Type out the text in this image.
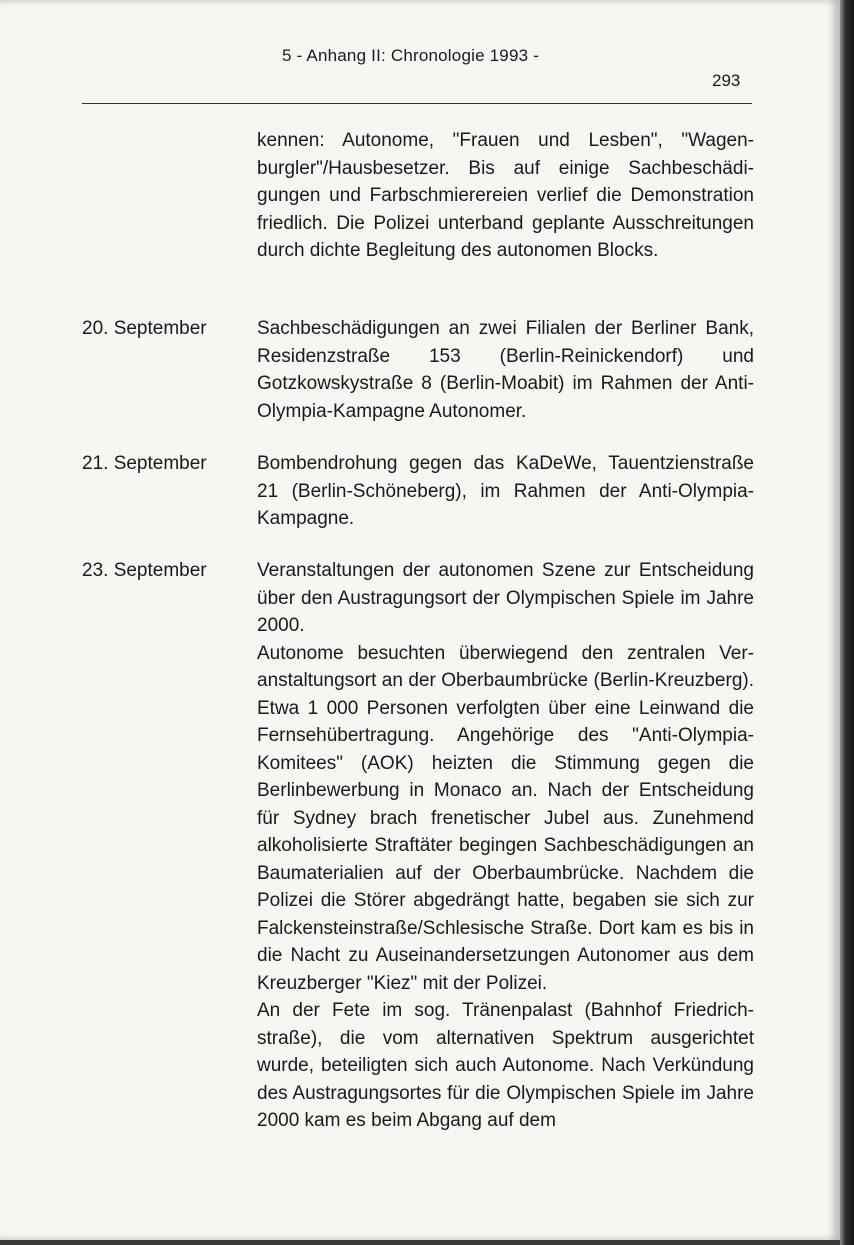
5 - Anhang II: Chronologie 1993 -
293

kennen: Autonome, "Frauen und Lesben", "Wagenburgler"/Hausbesetzer. Bis auf einige Sachbeschädigungen und Farbschmierereien verlief die Demonstration friedlich. Die Polizei unterband geplante Ausschreitungen durch dichte Begleitung des autonomen Blocks.

20. September	Sachbeschädigungen an zwei Filialen der Berliner Bank, Residenzstraße 153 (Berlin-Reinickendorf) und Gotzkowskystraße 8 (Berlin-Moabit) im Rahmen der Anti-Olympia-Kampagne Autonomer.

21. September	Bombendrohung gegen das KaDeWe, Tauentzienstraße 21 (Berlin-Schöneberg), im Rahmen der Anti-Olympia-Kampagne.

23. September	Veranstaltungen der autonomen Szene zur Entscheidung über den Austragungsort der Olympischen Spiele im Jahre 2000.

Autonome besuchten überwiegend den zentralen Veranstaltungsort an der Oberbaumbrücke (Berlin-Kreuzberg). Etwa 1 000 Personen verfolgten über eine Leinwand die Fernsehübertragung. Angehörige des "Anti-Olympia-Komitees" (AOK) heizten die Stimmung gegen die Berlinbewerbung in Monaco an. Nach der Entscheidung für Sydney brach frenetischer Jubel aus. Zunehmend alkoholisierte Straftäter begingen Sachbeschädigungen an Baumaterialien auf der Oberbaumbrücke. Nachdem die Polizei die Störer abgedrängt hatte, begaben sie sich zur Falckensteinstraße/Schlesische Straße. Dort kam es bis in die Nacht zu Auseinandersetzungen Autonomer aus dem Kreuzberger "Kiez" mit der Polizei.

An der Fete im sog. Tränenpalast (Bahnhof Friedrichstraße), die vom alternativen Spektrum ausgerichtet wurde, beteiligten sich auch Autonome. Nach Verkündung des Austragungsortes für die Olympischen Spiele im Jahre 2000 kam es beim Abgang auf dem
